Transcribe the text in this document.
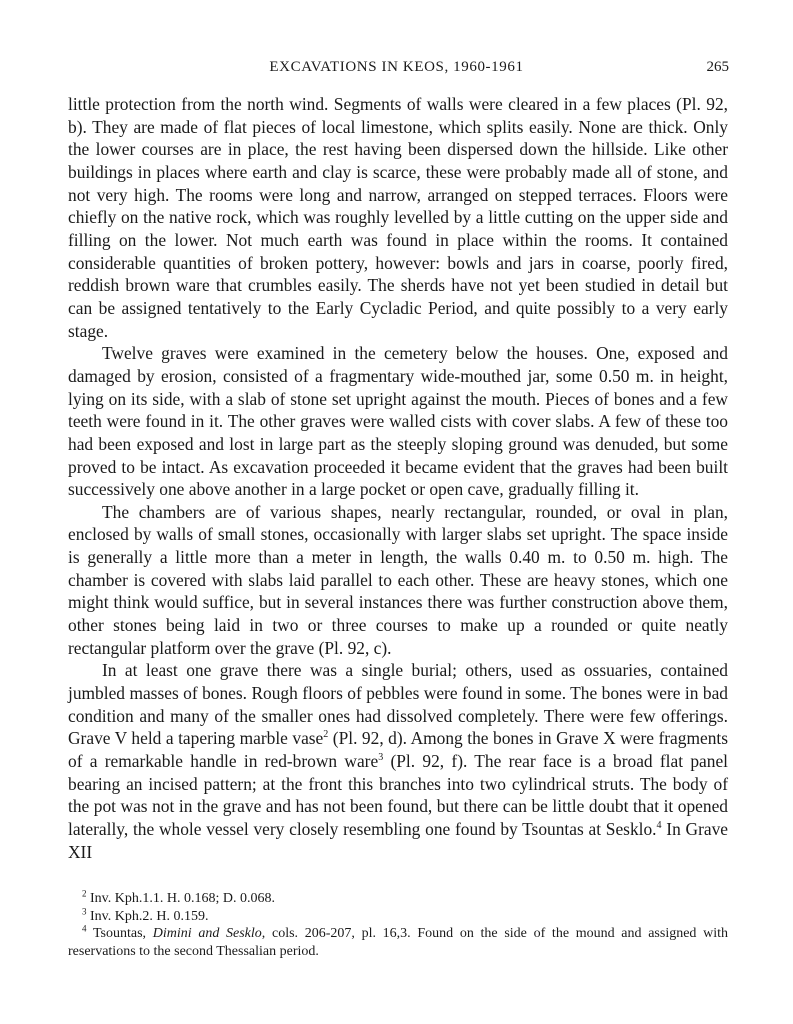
EXCAVATIONS IN KEOS, 1960-1961	265

little protection from the north wind. Segments of walls were cleared in a few places (Pl. 92, b). They are made of flat pieces of local limestone, which splits easily. None are thick. Only the lower courses are in place, the rest having been dispersed down the hillside. Like other buildings in places where earth and clay is scarce, these were probably made all of stone, and not very high. The rooms were long and narrow, arranged on stepped terraces. Floors were chiefly on the native rock, which was roughly levelled by a little cutting on the upper side and filling on the lower. Not much earth was found in place within the rooms. It contained considerable quantities of broken pottery, however: bowls and jars in coarse, poorly fired, reddish brown ware that crumbles easily. The sherds have not yet been studied in detail but can be assigned tentatively to the Early Cycladic Period, and quite possibly to a very early stage.

Twelve graves were examined in the cemetery below the houses. One, exposed and damaged by erosion, consisted of a fragmentary wide-mouthed jar, some 0.50 m. in height, lying on its side, with a slab of stone set upright against the mouth. Pieces of bones and a few teeth were found in it. The other graves were walled cists with cover slabs. A few of these too had been exposed and lost in large part as the steeply sloping ground was denuded, but some proved to be intact. As excavation proceeded it became evident that the graves had been built successively one above another in a large pocket or open cave, gradually filling it.

The chambers are of various shapes, nearly rectangular, rounded, or oval in plan, enclosed by walls of small stones, occasionally with larger slabs set upright. The space inside is generally a little more than a meter in length, the walls 0.40 m. to 0.50 m. high. The chamber is covered with slabs laid parallel to each other. These are heavy stones, which one might think would suffice, but in several instances there was further construction above them, other stones being laid in two or three courses to make up a rounded or quite neatly rectangular platform over the grave (Pl. 92, c).

In at least one grave there was a single burial; others, used as ossuaries, contained jumbled masses of bones. Rough floors of pebbles were found in some. The bones were in bad condition and many of the smaller ones had dissolved completely. There were few offerings. Grave V held a tapering marble vase$^2$ (Pl. 92, d). Among the bones in Grave X were fragments of a remarkable handle in red-brown ware$^3$ (Pl. 92, f). The rear face is a broad flat panel bearing an incised pattern; at the front this branches into two cylindrical struts. The body of the pot was not in the grave and has not been found, but there can be little doubt that it opened laterally, the whole vessel very closely resembling one found by Tsountas at Sesklo.$^4$ In Grave XII

$^2$ Inv. Kph.1.1. H. 0.168; D. 0.068.

$^3$ Inv. Kph.2. H. 0.159.

$^4$ Tsountas, Dimini and Sesklo, cols. 206-207, pl. 16,3. Found on the side of the mound and assigned with reservations to the second Thessalian period.
